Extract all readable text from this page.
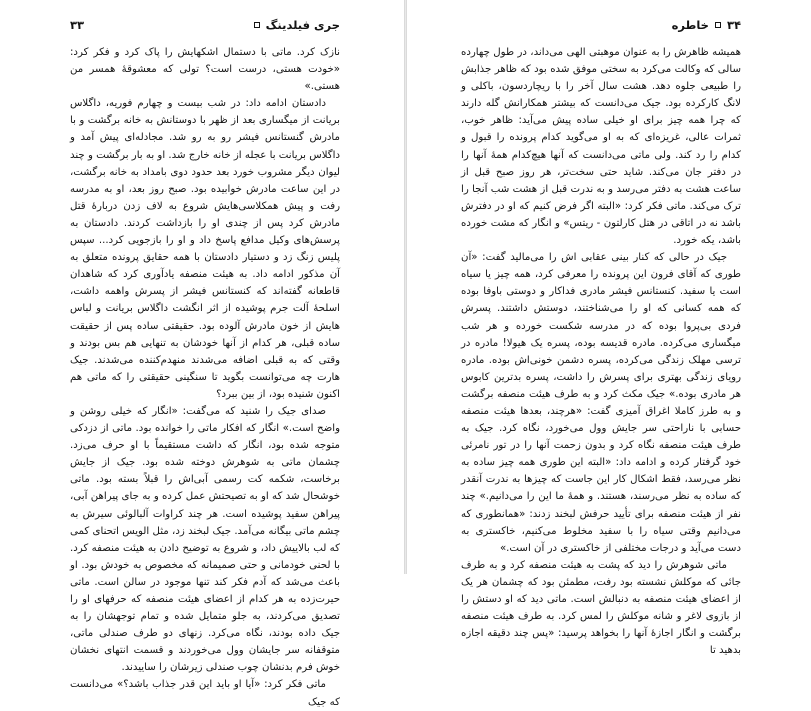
جری فیلدینگ
۳۳

نازک کرد. ماتی با دستمال اشکهایش را پاک کرد و فکر کرد: «خودت هستی، درست است؟ تولی که معشوقهٔ همسر من هستی.»

دادستان ادامه داد: در شب بیست و چهارم فوریه، داگلاس بریانت از میگساری بعد از ظهر با دوستانش به خانه برگشت و با مادرش گنستانس فیشر رو به رو شد. مجادله‌ای پیش آمد و داگلاس بریانت با عجله از خانه خارج شد. او به بار برگشت و چند لیوان دیگر مشروب خورد بعد حدود دوی بامداد به خانه برگشت، در این ساعت مادرش خوابیده بود. صبح روز بعد، او به مدرسه رفت و پیش همکلاسی‌هایش شروع به لاف زدن دربارهٔ قتل مادرش کرد پس از چندی او را بازداشت کردند. دادستان به پرسش‌های وکیل مدافع پاسخ داد و او را بازجویی کرد... سپس پلیس زنگ زد و دستیار دادستان با همه حقایق پرونده متعلق به آن مذکور ادامه داد. به هیئت منصفه یادآوری کرد که شاهدان قاطعانه گفته‌اند که کنستانس فیشر از پسرش واهمه داشت، اسلحهٔ آلت جرم پوشیده از اثر انگشت داگلاس بریانت و لباس هایش از خون مادرش آلوده بود. حقیقتی ساده پس از حقیقت ساده قبلی، هر کدام از آنها خودشان به تنهایی هم بس بودند و وقتی که به قبلی اضافه می‌شدند منهدم‌کننده می‌شدند. جیک هارت چه می‌توانست بگوید تا سنگینی حقیقتی را که ماتی هم اکنون شنیده بود، از بین ببرد؟

صدای جیک را شنید که می‌گفت: «انگار که خیلی روشن و واضح است.» انگار که افکار ماتی را خوانده بود. ماتی از دزدکی متوجه شده بود، انگار که داشت مستقیماً با او حرف می‌زد. چشمان ماتی به شوهرش دوخته شده بود. جیک از جایش برخاست، شکمه کت رسمی آبی‌اش را قبلاً بسته بود. ماتی خوشحال شد که او به تصیحتش عمل کرده و به جای پیراهن آبی، پیراهن سفید پوشیده است. هر چند کراوات آلبالوئی سیرش به چشم ماتی بیگانه می‌آمد. جیک لبخند زد، مثل الویس اتحنای کمی که لب بالاییش داد، و شروع به توضیح دادن به هیئت منصفه کرد. با لحنی خودمانی و حتی صمیمانه که مخصوص به خودش بود. او باعث می‌شد که آدم فکر کند تنها موجود در سالن است. ماتی حیرت‌زده به هر کدام از اعضای هیئت منصفه که حرفهای او را تصدیق می‌کردند، به جلو متمایل شده و تمام توجهشان را به جیک داده بودند، نگاه می‌کرد. زنهای دو طرف صندلی ماتی، متوقفانه سر جایشان وول می‌خوردند و قسمت انتهای نخشان خوش فرم بدنشان چوب صندلی زیرشان را ساییدند.

ماتی فکر کرد: «آیا او باید این قدر جذاب باشد؟» می‌دانست که جیک

۳۴
خاطره

همیشه ظاهرش را به عنوان موهبتی الهی می‌داند، در طول چهارده سالی که وکالت می‌کرد به سختی موفق شده بود که ظاهر جذابش را طبیعی جلوه دهد. هشت سال آخر را با ریچاردسون، باکلی و لانگ کارکرده بود. جیک می‌دانست که بیشتر همکارانش گله دارند که چرا همه چیز برای او خیلی ساده پیش می‌آید: ظاهر خوب، ثمرات عالی، غریزه‌ای که به او می‌گوید کدام پرونده را قبول و کدام را رد کند. ولی ماتی می‌دانست که آنها هیچ‌کدام همهٔ آنها را در دفتر جان می‌کند. شاید حتی سخت‌تر، هر روز صبح قبل از ساعت هشت به دفتر می‌رسد و به ندرت قبل از هشت شب آنجا را ترک می‌کند. ماتی فکر کرد: «البته اگر فرض کنیم که او در دفترش باشد نه در اتاقی در هتل کارلتون - ریتس» و انگار که مشت خورده باشد، یکه خورد.

جیک در حالی که کنار بینی عقابی اش را می‌مالید گفت: «آن طوری که آقای فرون این پرونده را معرفی کرد، همه چیز یا سیاه است یا سفید. کنستانس فیشر مادری فداکار و دوستی باوفا بوده که همه کسانی که او را می‌شناختند، دوستش داشتند. پسرش فردی بی‌پروا بوده که در مدرسه شکست خورده و هر شب میگساری می‌کرده. مادره قدیسه بوده، پسره یک هیولا! مادره در ترسی مهلک زندگی می‌کرده، پسره دشمن خونی‌اش بوده. مادره رویای زندگی بهتری برای پسرش را داشت، پسره بدترین کابوس هر مادری بوده.» جیک مکث کرد و به طرف هیئت منصفه برگشت و به طرز کاملا اغراق آمیزی گفت: «هرچند، بعدها هیئت منصفه حسابی با ناراحتی سر جایش وول می‌خورد، نگاه کرد. جیک به طرف هیئت منصفه نگاه کرد و بدون زحمت آنها را در تور نامرئی خود گرفتار کرده و ادامه داد: «البته این طوری همه چیز ساده به نظر می‌رسد، فقط اشکال کار این جاست که چیزها به ندرت آنقدر که ساده به نظر می‌رسند، هستند. و همهٔ ما این را می‌دانیم.» چند نفر از هیئت منصفه برای تأیید حرفش لبخند زدند: «همانطوری که می‌دانیم وقتی سیاه را با سفید مخلوط می‌کنیم، خاکستری به دست می‌آید و درجات مختلفی از خاکستری در آن است.»

ماتی شوهرش را دید که پشت به هیئت منصفه کرد و به طرف جائی که موکلش نشسته بود رفت، مطمئن بود که چشمان هر یک از اعضای هیئت منصفه به دنبالش است. ماتی دید که او دستش را از بازوی لاغر و شانه موکلش را لمس کرد. به طرف هیئت منصفه برگشت و انگار اجازهٔ آنها را بخواهد پرسید: «پس چند دقیقه اجازه بدهید تا
